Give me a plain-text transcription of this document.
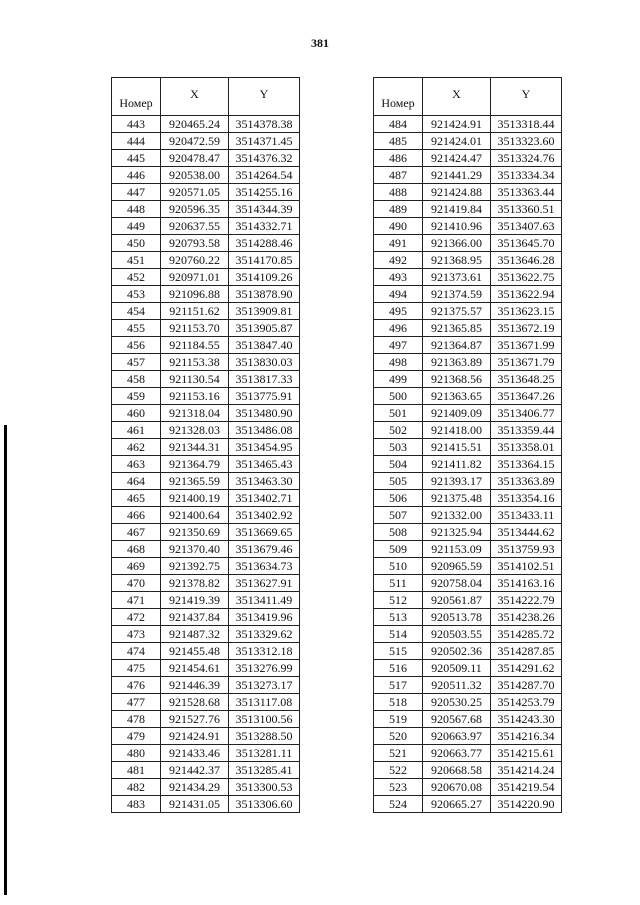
381
Номер	X	Y
443	920465.24	3514378.38
444	920472.59	3514371.45
445	920478.47	3514376.32
446	920538.00	3514264.54
447	920571.05	3514255.16
448	920596.35	3514344.39
449	920637.55	3514332.71
450	920793.58	3514288.46
451	920760.22	3514170.85
452	920971.01	3514109.26
453	921096.88	3513878.90
454	921151.62	3513909.81
455	921153.70	3513905.87
456	921184.55	3513847.40
457	921153.38	3513830.03
458	921130.54	3513817.33
459	921153.16	3513775.91
460	921318.04	3513480.90
461	921328.03	3513486.08
462	921344.31	3513454.95
463	921364.79	3513465.43
464	921365.59	3513463.30
465	921400.19	3513402.71
466	921400.64	3513402.92
467	921350.69	3513669.65
468	921370.40	3513679.46
469	921392.75	3513634.73
470	921378.82	3513627.91
471	921419.39	3513411.49
472	921437.84	3513419.96
473	921487.32	3513329.62
474	921455.48	3513312.18
475	921454.61	3513276.99
476	921446.39	3513273.17
477	921528.68	3513117.08
478	921527.76	3513100.56
479	921424.91	3513288.50
480	921433.46	3513281.11
481	921442.37	3513285.41
482	921434.29	3513300.53
483	921431.05	3513306.60
Номер	X	Y
484	921424.91	3513318.44
485	921424.01	3513323.60
486	921424.47	3513324.76
487	921441.29	3513334.34
488	921424.88	3513363.44
489	921419.84	3513360.51
490	921410.96	3513407.63
491	921366.00	3513645.70
492	921368.95	3513646.28
493	921373.61	3513622.75
494	921374.59	3513622.94
495	921375.57	3513623.15
496	921365.85	3513672.19
497	921364.87	3513671.99
498	921363.89	3513671.79
499	921368.56	3513648.25
500	921363.65	3513647.26
501	921409.09	3513406.77
502	921418.00	3513359.44
503	921415.51	3513358.01
504	921411.82	3513364.15
505	921393.17	3513363.89
506	921375.48	3513354.16
507	921332.00	3513433.11
508	921325.94	3513444.62
509	921153.09	3513759.93
510	920965.59	3514102.51
511	920758.04	3514163.16
512	920561.87	3514222.79
513	920513.78	3514238.26
514	920503.55	3514285.72
515	920502.36	3514287.85
516	920509.11	3514291.62
517	920511.32	3514287.70
518	920530.25	3514253.79
519	920567.68	3514243.30
520	920663.97	3514216.34
521	920663.77	3514215.61
522	920668.58	3514214.24
523	920670.08	3514219.54
524	920665.27	3514220.90
